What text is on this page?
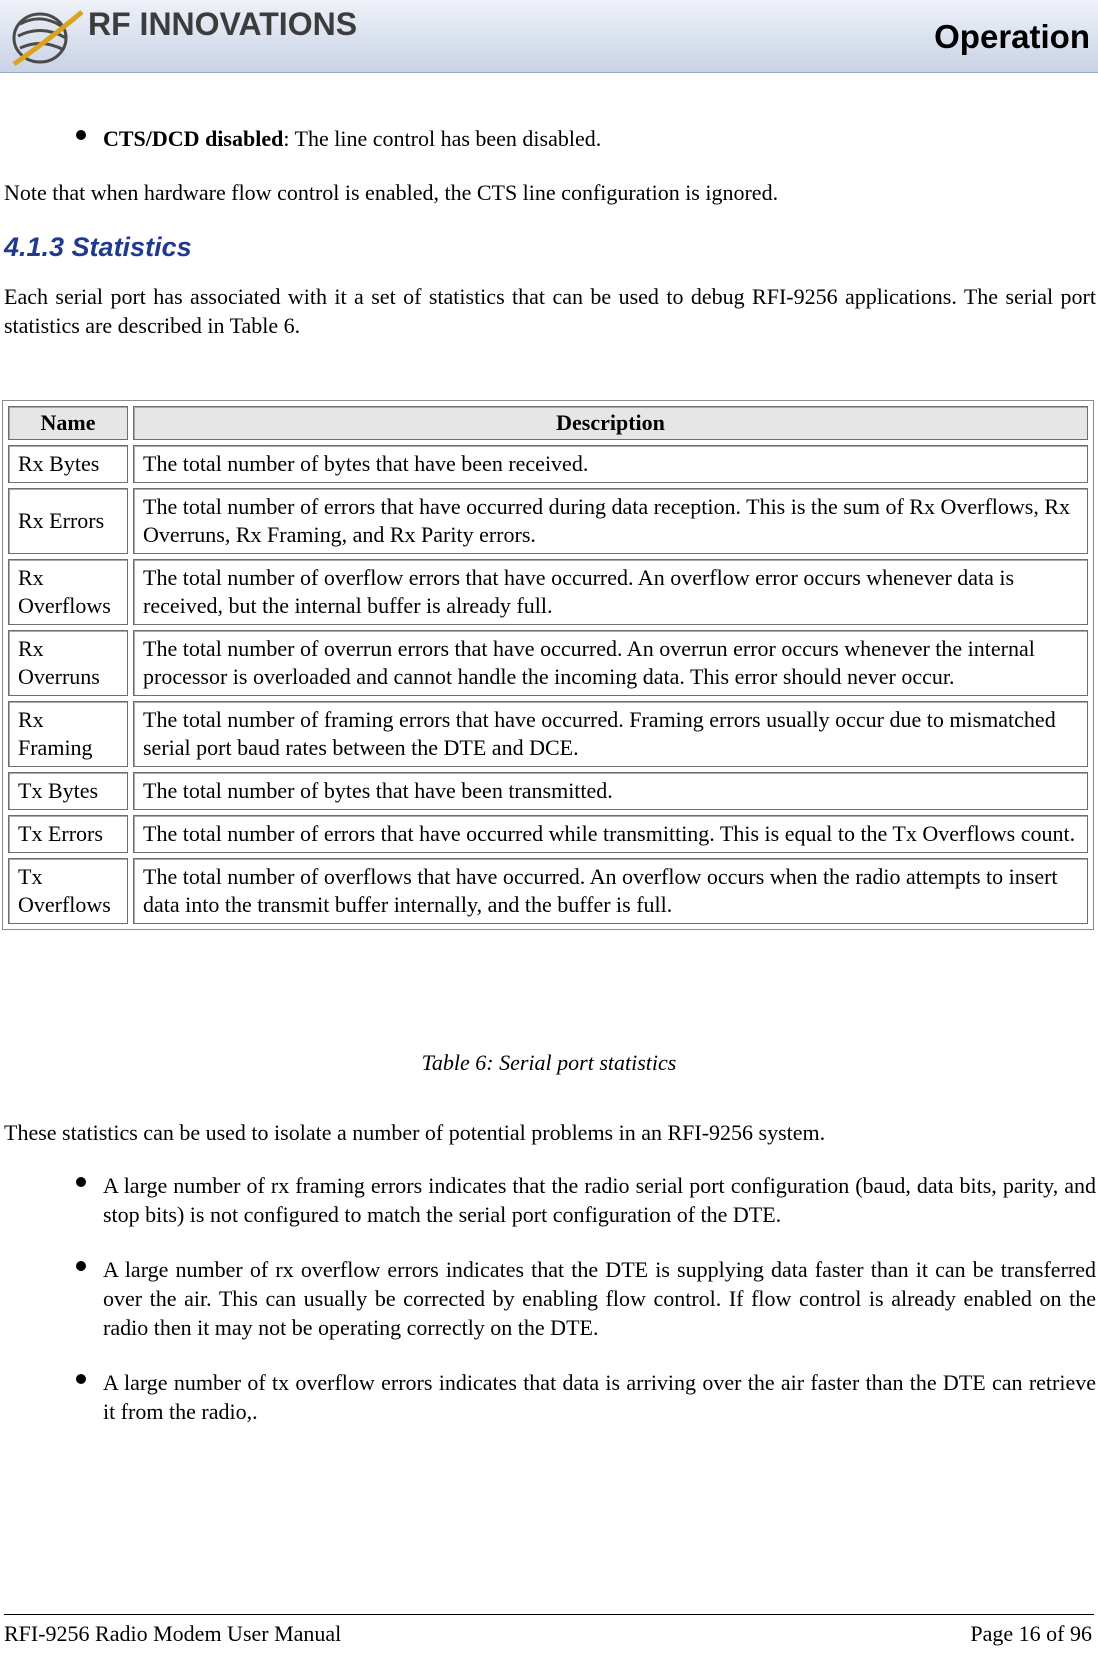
RF INNOVATIONS	Operation
CTS/DCD disabled: The line control has been disabled.

Note that when hardware flow control is enabled, the CTS line configuration is ignored.

4.1.3 Statistics

Each serial port has associated with it a set of statistics that can be used to debug RFI-9256 applications. The serial port statistics are described in Table 6.

Name	Description
Rx Bytes	The total number of bytes that have been received.
Rx Errors	The total number of errors that have occurred during data reception. This is the sum of Rx Overflows, Rx Overruns, Rx Framing, and Rx Parity errors.
Rx Overflows	The total number of overflow errors that have occurred. An overflow error occurs whenever data is received, but the internal buffer is already full.
Rx Overruns	The total number of overrun errors that have occurred. An overrun error occurs whenever the internal processor is overloaded and cannot handle the incoming data. This error should never occur.
Rx Framing	The total number of framing errors that have occurred. Framing errors usually occur due to mismatched serial port baud rates between the DTE and DCE.
Tx Bytes	The total number of bytes that have been transmitted.
Tx Errors	The total number of errors that have occurred while transmitting. This is equal to the Tx Overflows count.
Tx Overflows	The total number of overflows that have occurred. An overflow occurs when the radio attempts to insert data into the transmit buffer internally, and the buffer is full.
Table 6: Serial port statistics

These statistics can be used to isolate a number of potential problems in an RFI-9256 system.

A large number of rx framing errors indicates that the radio serial port configuration (baud, data bits, parity, and stop bits) is not configured to match the serial port configuration of the DTE.
A large number of rx overflow errors indicates that the DTE is supplying data faster than it can be transferred over the air. This can usually be corrected by enabling flow control. If flow control is already enabled on the radio then it may not be operating correctly on the DTE.
A large number of tx overflow errors indicates that data is arriving over the air faster than the DTE can retrieve it from the radio,.
RFI-9256 Radio Modem User Manual	Page 16 of 96
